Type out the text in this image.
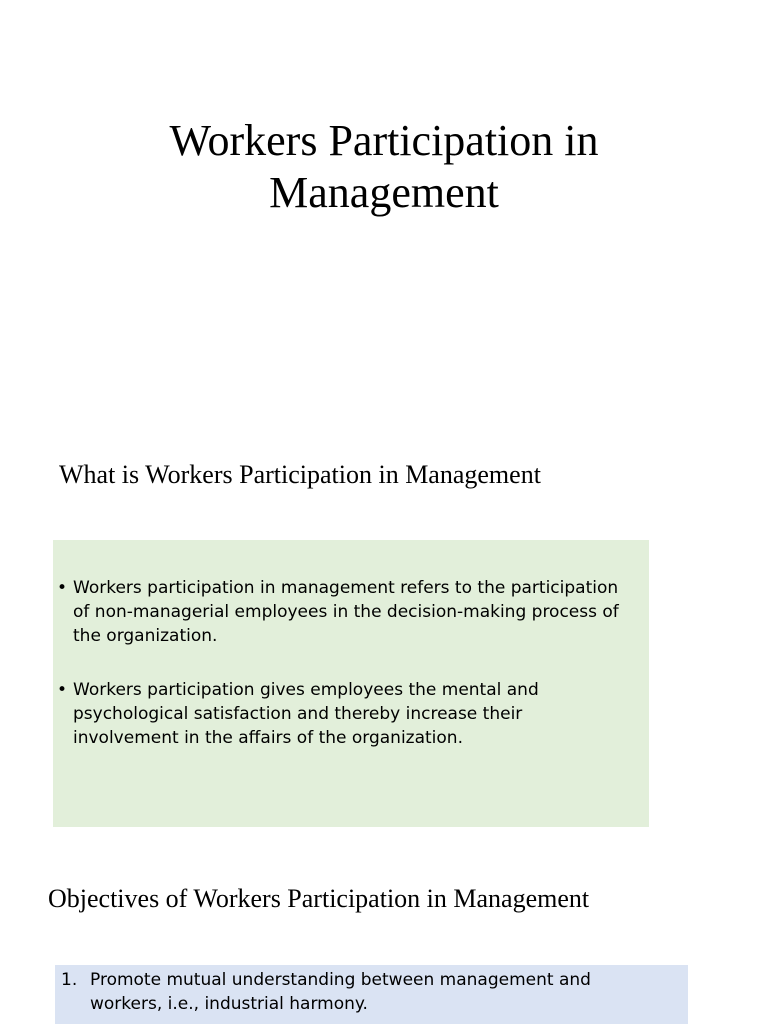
Workers Participation in Management
What is Workers Participation in Management
• Workers participation in management refers to the participation of non-managerial employees in the decision-making process of the organization.
• Workers participation gives employees the mental and psychological satisfaction and thereby increase their involvement in the affairs of the organization.
Objectives of Workers Participation in Management
1. Promote mutual understanding between management and workers, i.e., industrial harmony.
